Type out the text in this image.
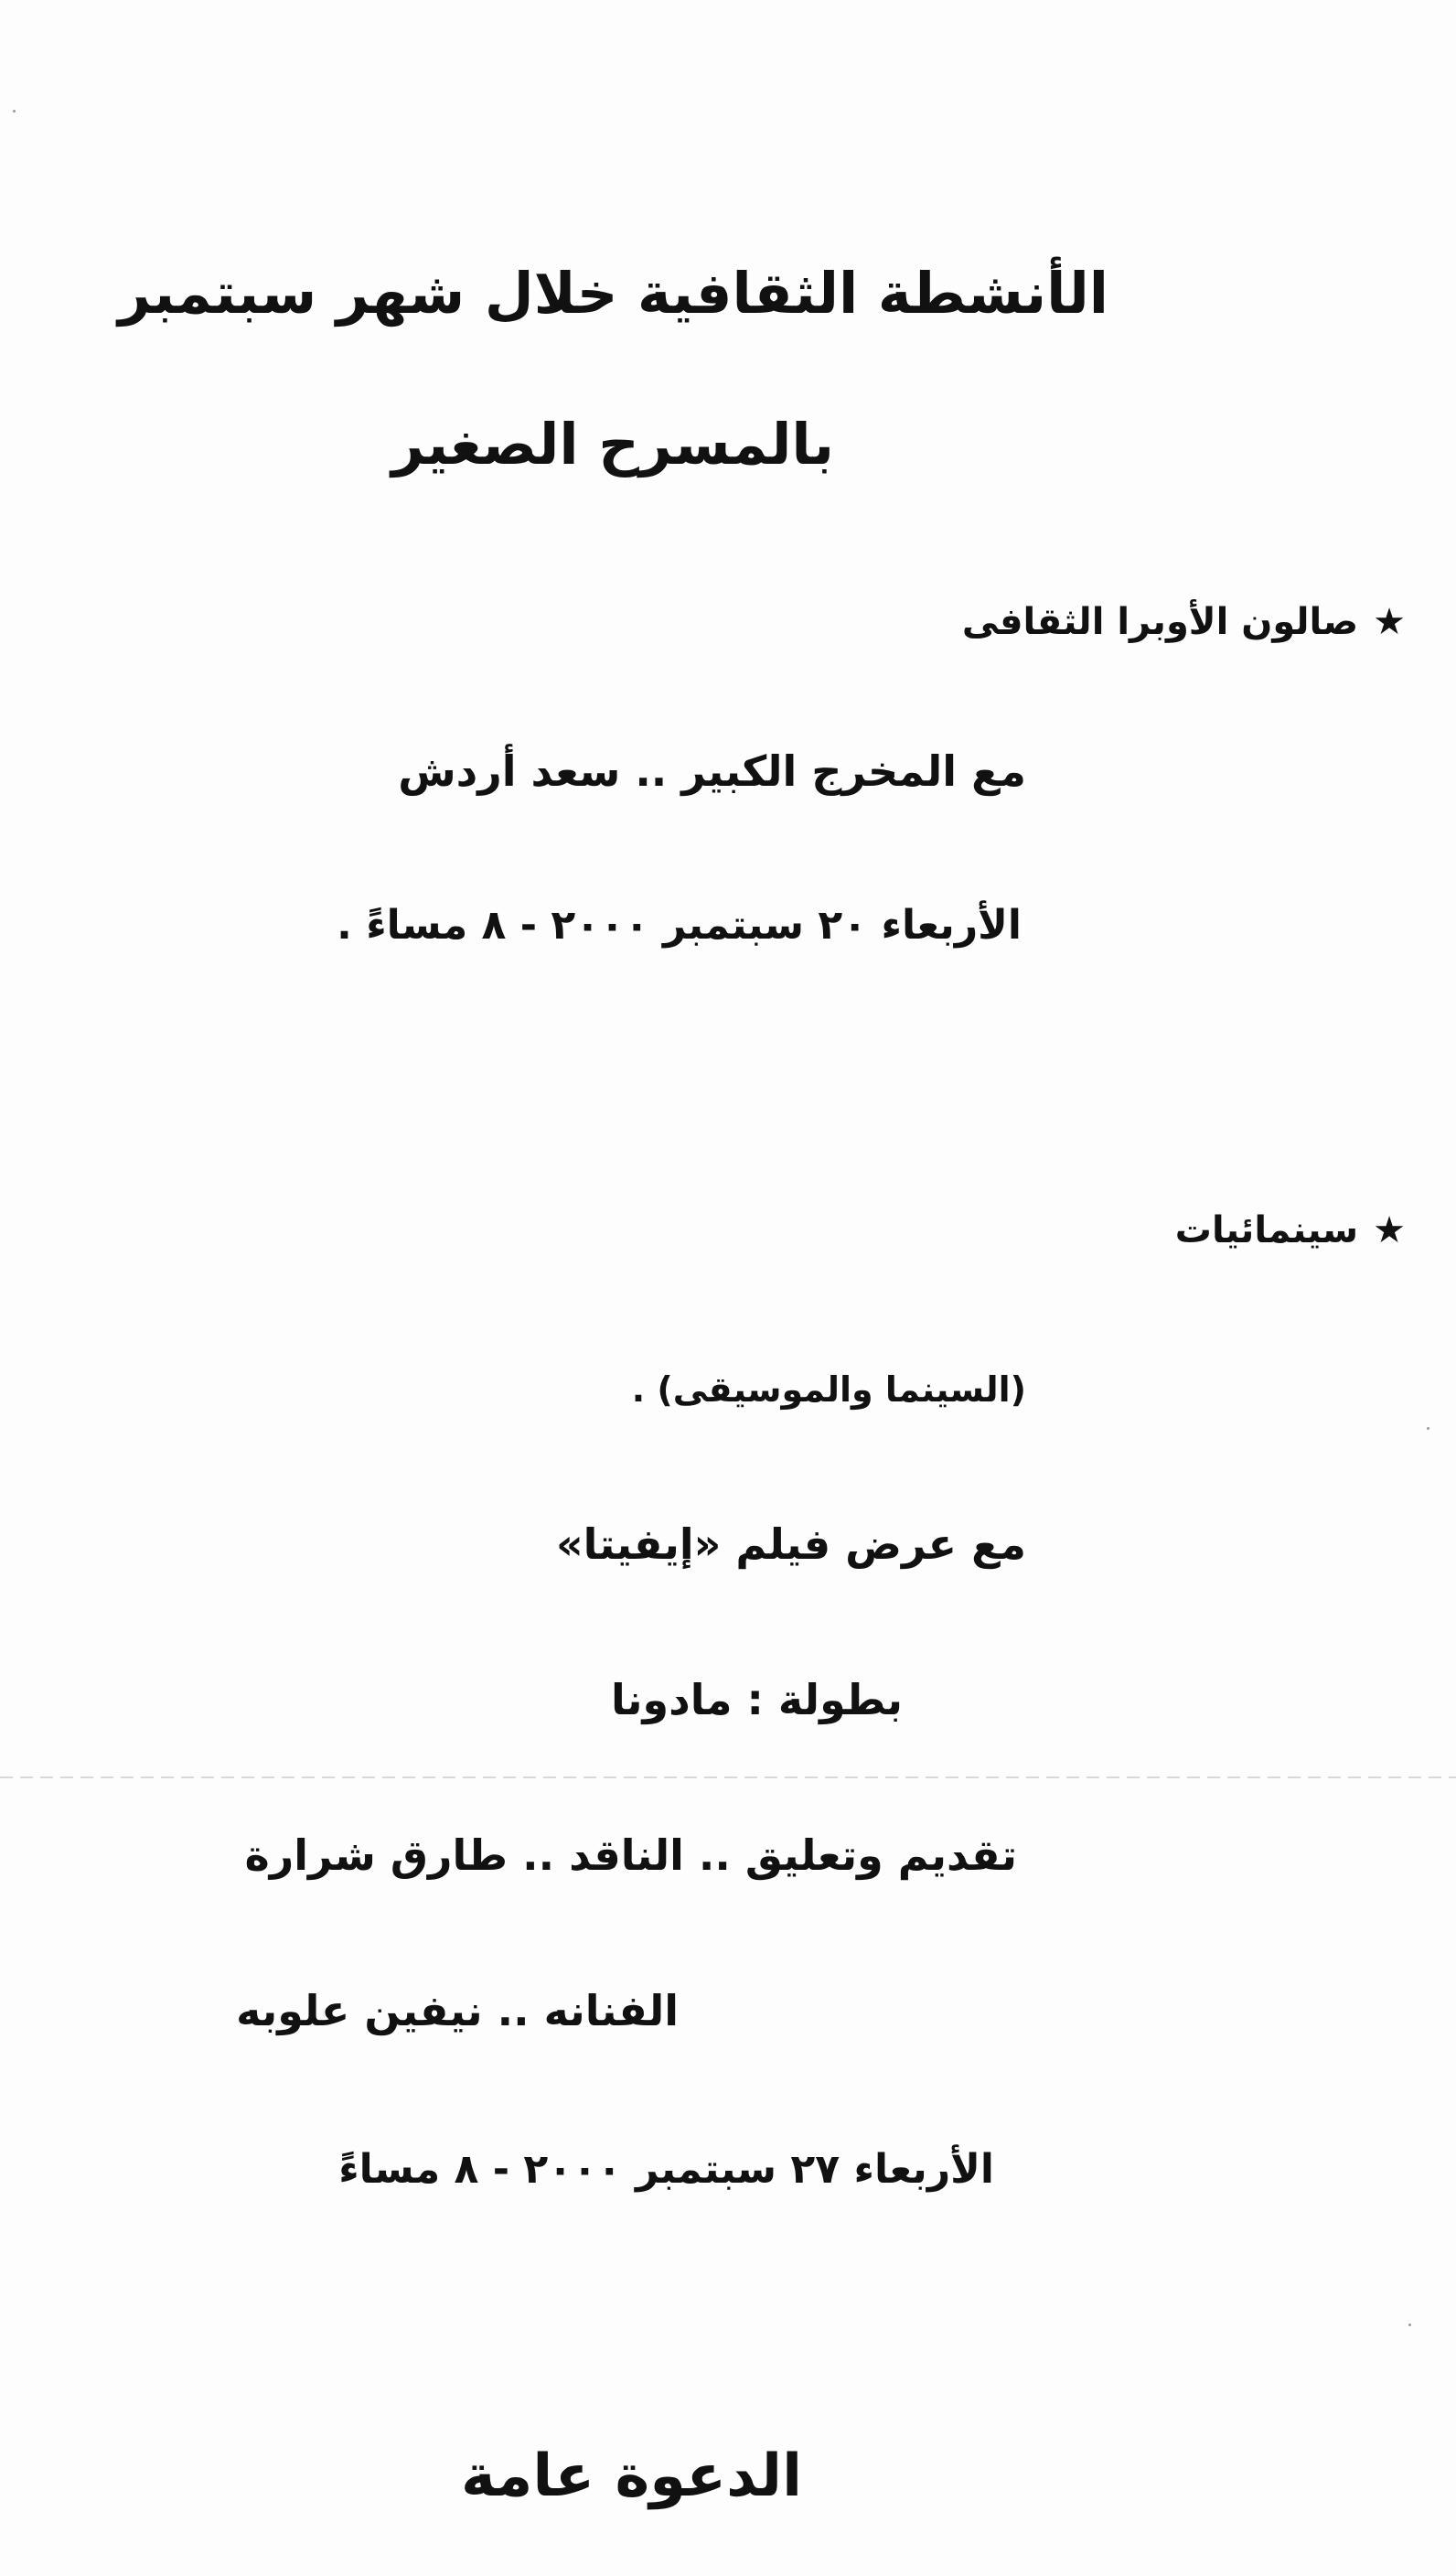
الأنشطة الثقافية خلال شهر سبتمبر
بالمسرح الصغير
★صالون الأوبرا الثقافى
مع المخرج الكبير .. سعد أردش
الأربعاء ٢٠ سبتمبر ٢٠٠٠ - ٨ مساءً .
★سينمائيات
(السينما والموسيقى) .
مع عرض فيلم «إيفيتا»
بطولة : مادونا
تقديم وتعليق .. الناقد .. طارق شرارة
الفنانه .. نيفين علوبه
الأربعاء ٢٧ سبتمبر ٢٠٠٠ - ٨ مساءً
الدعوة عامة
